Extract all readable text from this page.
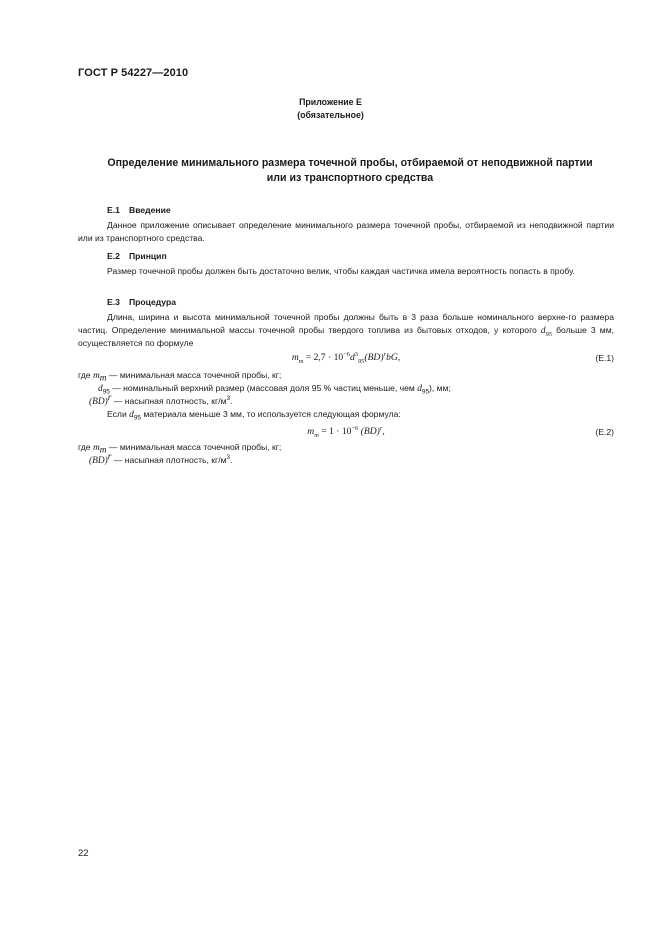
ГОСТ Р 54227—2010
Приложение Е
(обязательное)
Определение минимального размера точечной пробы, отбираемой от неподвижной партии
или из транспортного средства
Е.1 Введение
Данное приложение описывает определение минимального размера точечной пробы, отбираемой из неподвижной партии или из транспортного средства.
Е.2 Принцип
Размер точечной пробы должен быть достаточно велик, чтобы каждая частичка имела вероятность попасть в пробу.
Е.3 Процедура
Длина, ширина и высота минимальной точечной пробы должны быть в 3 раза больше номинального верхне-го размера частиц. Определение минимальной массы точечной пробы твердого топлива из бытовых отходов, у которого $d_{95}$ больше 3 мм, осуществляется по формуле
$m_m = 2,7 \cdot 10^{-6}d^3_{95}(BD)^rbG$,	(Е.1)
где $m_m$ — минимальная масса точечной пробы, кг;
$d_{95}$ — номинальный верхний размер (массовая доля 95 % частиц меньше, чем $d_{95}$), мм;
(BD)$^r$ — насыпная плотность, $кг/м^3$.
Если $d_{95}$ материала меньше 3 мм, то используется следующая формула:
$m_m = 1 \cdot 10^{-6}$ (BD)$^r$,	(Е.2)
где $m_m$ — минимальная масса точечной пробы, кг;
(BD)$^r$ — насыпная плотность, $кг/м^3$.
22
